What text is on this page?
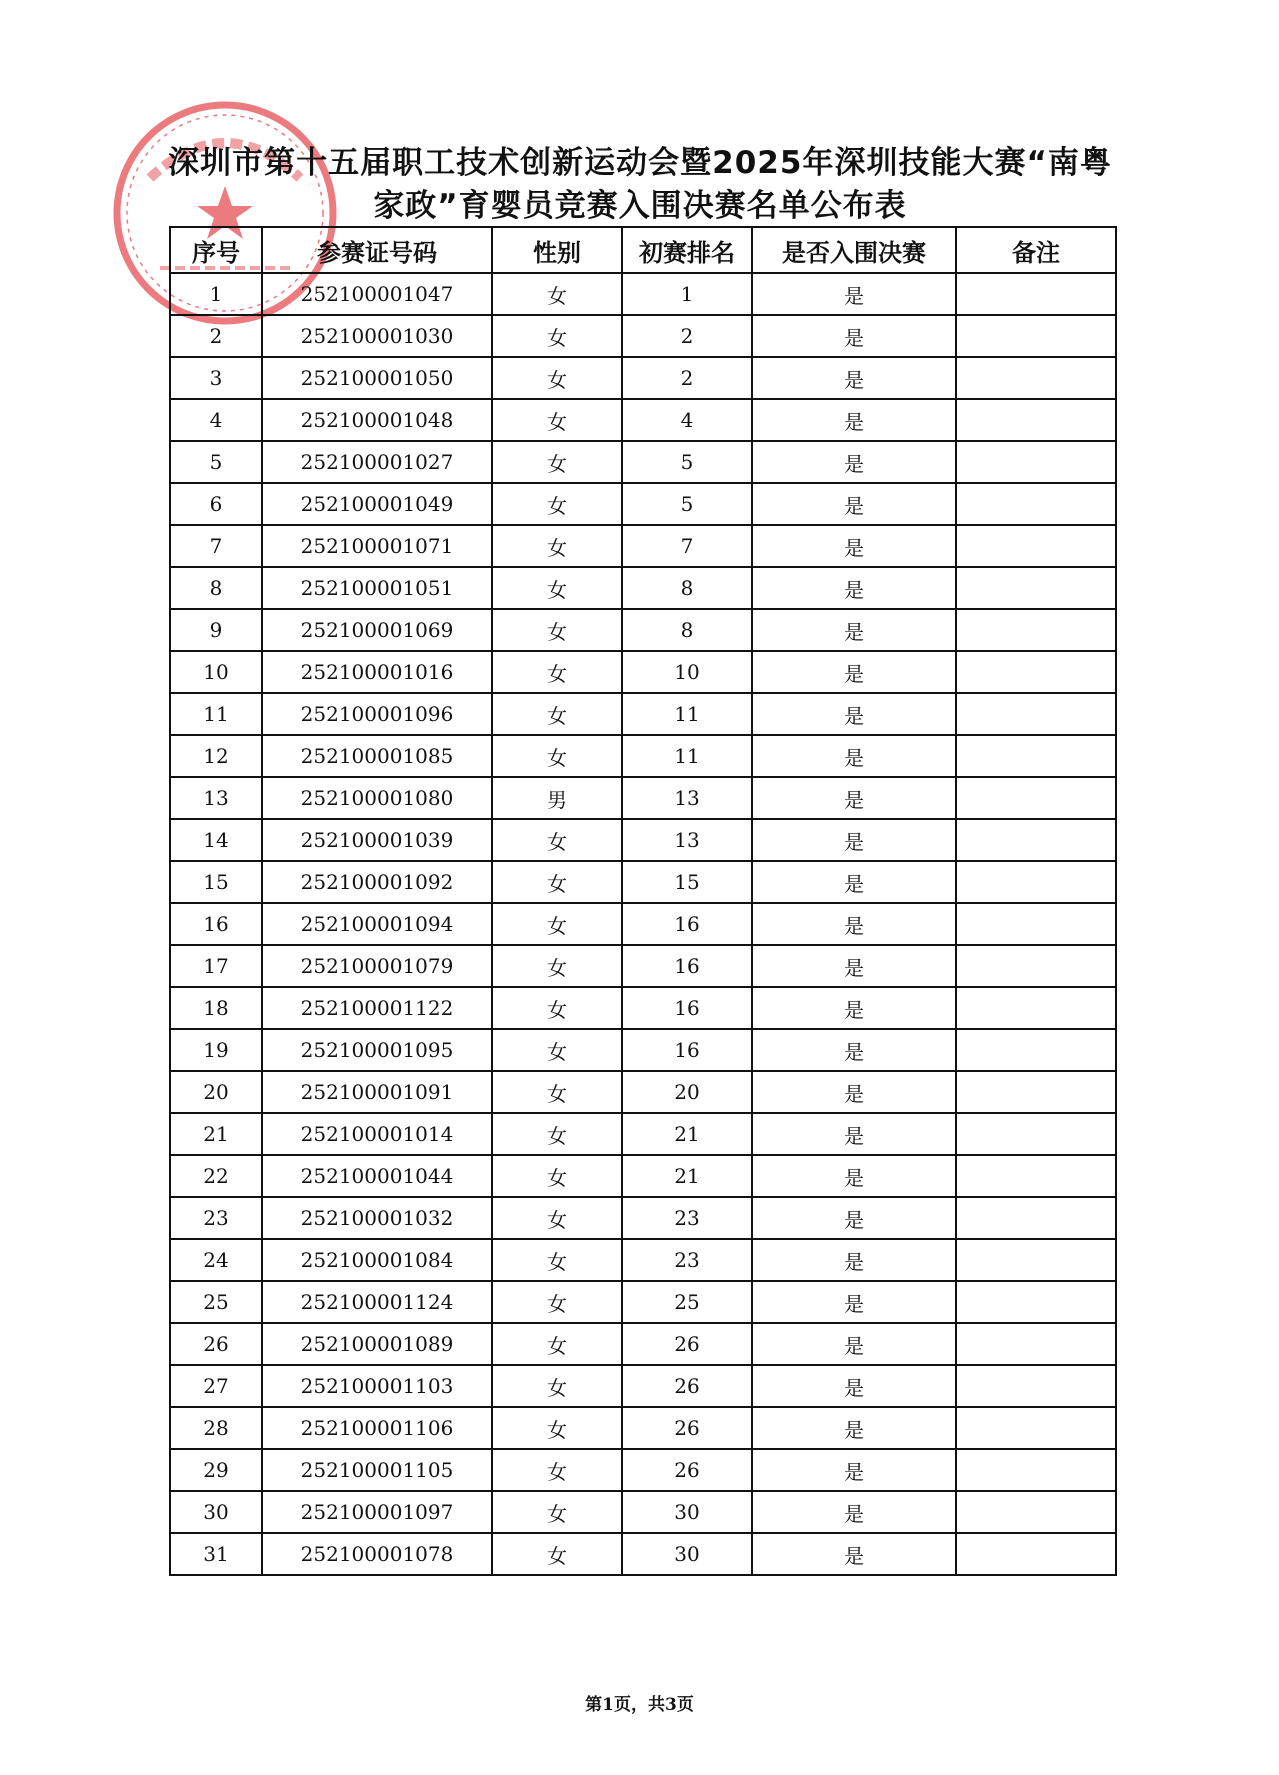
深圳市第十五届职工技术创新运动会暨2025年深圳技能大赛“南粤
家政”育婴员竞赛入围决赛名单公布表
序号	参赛证号码	性别	初赛排名	是否入围决赛	备注
1	252100001047	女	1	是	
2	252100001030	女	2	是	
3	252100001050	女	2	是	
4	252100001048	女	4	是	
5	252100001027	女	5	是	
6	252100001049	女	5	是	
7	252100001071	女	7	是	
8	252100001051	女	8	是	
9	252100001069	女	8	是	
10	252100001016	女	10	是	
11	252100001096	女	11	是	
12	252100001085	女	11	是	
13	252100001080	男	13	是	
14	252100001039	女	13	是	
15	252100001092	女	15	是	
16	252100001094	女	16	是	
17	252100001079	女	16	是	
18	252100001122	女	16	是	
19	252100001095	女	16	是	
20	252100001091	女	20	是	
21	252100001014	女	21	是	
22	252100001044	女	21	是	
23	252100001032	女	23	是	
24	252100001084	女	23	是	
25	252100001124	女	25	是	
26	252100001089	女	26	是	
27	252100001103	女	26	是	
28	252100001106	女	26	是	
29	252100001105	女	26	是	
30	252100001097	女	30	是	
31	252100001078	女	30	是	
第1页，共3页
